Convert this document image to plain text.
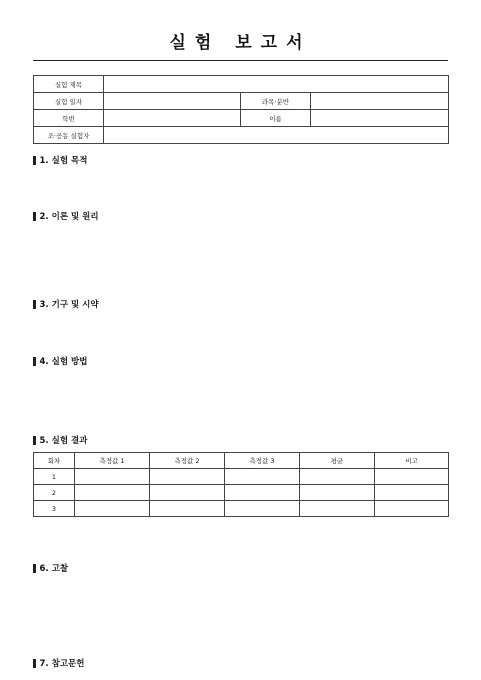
실험 보고서
실험 제목			
실험 일자		과목·분반	
학번		이름	
조·공동 실험자			
1. 실험 목적
2. 이론 및 원리
3. 기구 및 시약
4. 실험 방법
5. 실험 결과
회차	측정값 1	측정값 2	측정값 3	평균	비고
1					
2					
3					
6. 고찰
7. 참고문헌
